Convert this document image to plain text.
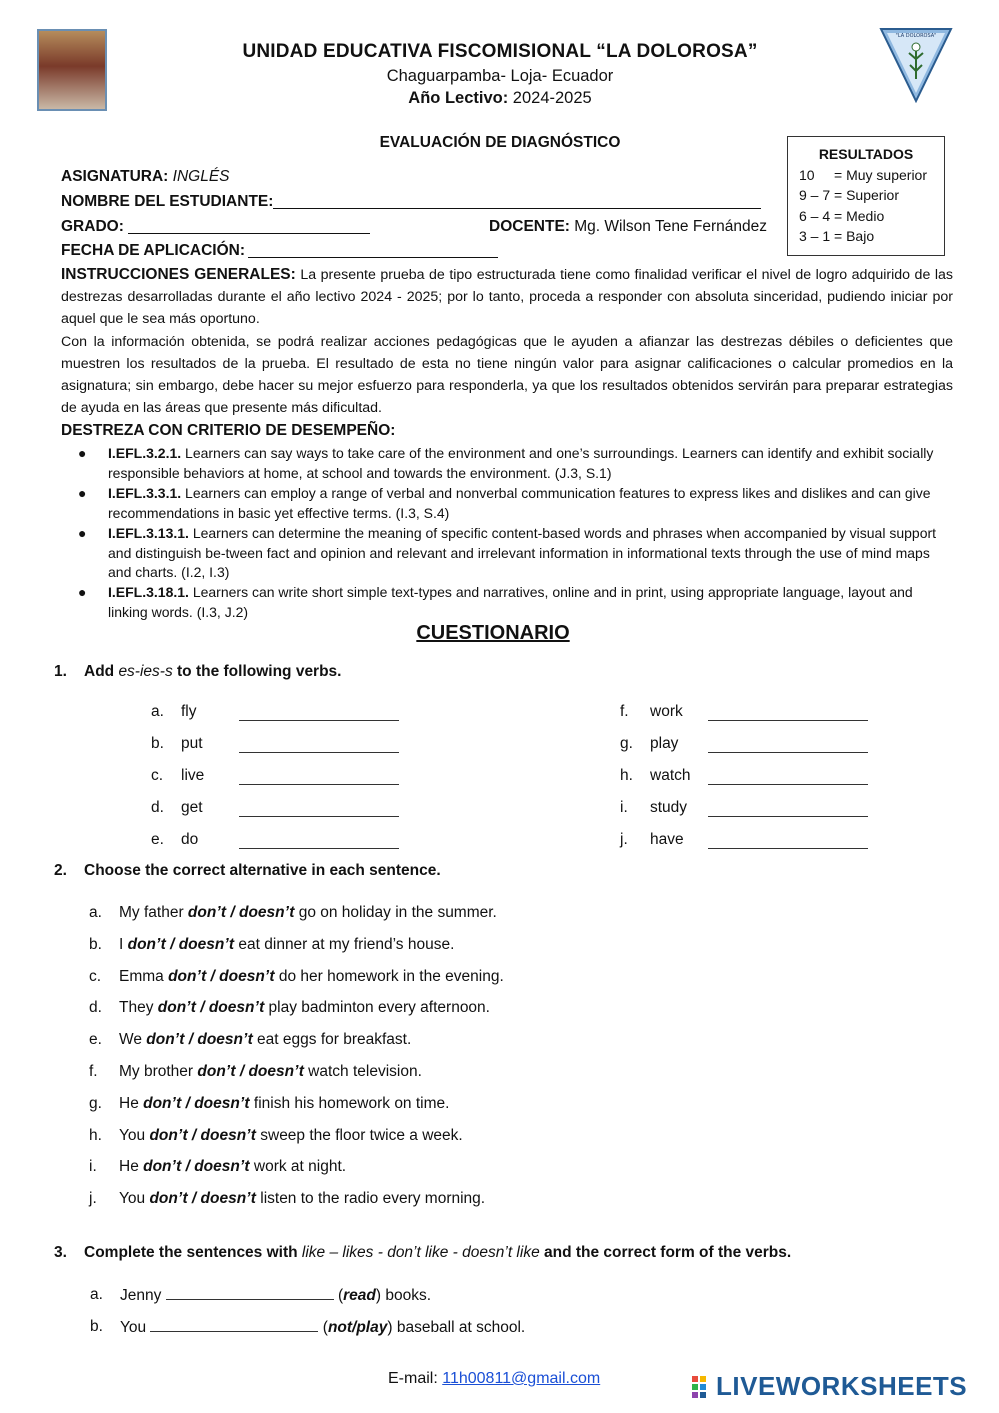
"LA DOLOROSA"
UNIDAD EDUCATIVA FISCOMISIONAL “LA DOLOROSA”
Chaguarpamba- Loja- Ecuador
Año Lectivo: 2024-2025
EVALUACIÓN DE DIAGNÓSTICO
RESULTADOS
10     = Muy superior
9 – 7 = Superior
6 – 4 = Medio
3 – 1 = Bajo
ASIGNATURA: INGLÉS
NOMBRE DEL ESTUDIANTE:
GRADO:	DOCENTE: Mg. Wilson Tene Fernández
FECHA DE APLICACIÓN:
INSTRUCCIONES GENERALES: La presente prueba de tipo estructurada tiene como finalidad verificar el nivel de logro adquirido de las destrezas desarrolladas durante el año lectivo 2024 - 2025; por lo tanto, proceda a responder con absoluta sinceridad, pudiendo iniciar por aquel que le sea más oportuno.
Con la información obtenida, se podrá realizar acciones pedagógicas que le ayuden a afianzar las destrezas débiles o deficientes que muestren los resultados de la prueba. El resultado de esta no tiene ningún valor para asignar calificaciones o calcular promedios en la asignatura; sin embargo, debe hacer su mejor esfuerzo para responderla, ya que los resultados obtenidos servirán para preparar estrategias de ayuda en las áreas que presente más dificultad.
DESTREZA CON CRITERIO DE DESEMPEÑO:
● I.EFL.3.2.1. Learners can say ways to take care of the environment and one’s surroundings. Learners can identify and exhibit socially responsible behaviors at home, at school and towards the environment. (J.3, S.1)
● I.EFL.3.3.1. Learners can employ a range of verbal and nonverbal communication features to express likes and dislikes and can give recommendations in basic yet effective terms. (I.3, S.4)
● I.EFL.3.13.1. Learners can determine the meaning of specific content-based words and phrases when accompanied by visual support and distinguish be-tween fact and opinion and relevant and irrelevant information in informational texts through the use of mind maps and charts. (I.2, I.3)
● I.EFL.3.18.1. Learners can write short simple text-types and narratives, online and in print, using appropriate language, layout and linking words. (I.3, J.2)
CUESTIONARIO
1. Add es-ies-s to the following verbs.
a. fly
b. put
c. live
d. get
e. do
f. work
g. play
h. watch
i. study
j. have
2. Choose the correct alternative in each sentence.
a. My father don’t / doesn’t go on holiday in the summer.
b. I don’t / doesn’t eat dinner at my friend’s house.
c. Emma don’t / doesn’t do her homework in the evening.
d. They don’t / doesn’t play badminton every afternoon.
e. We don’t / doesn’t eat eggs for breakfast.
f. My brother don’t / doesn’t watch television.
g. He don’t / doesn’t finish his homework on time.
h. You don’t / doesn’t sweep the floor twice a week.
i. He don’t / doesn’t work at night.
j. You don’t / doesn’t listen to the radio every morning.
3. Complete the sentences with like – likes - don’t like - doesn’t like and the correct form of the verbs.
a. Jenny	(read) books.
b. You	(not/play) baseball at school.
E-mail: 11h00811@gmail.com	LIVEWORKSHEETS
